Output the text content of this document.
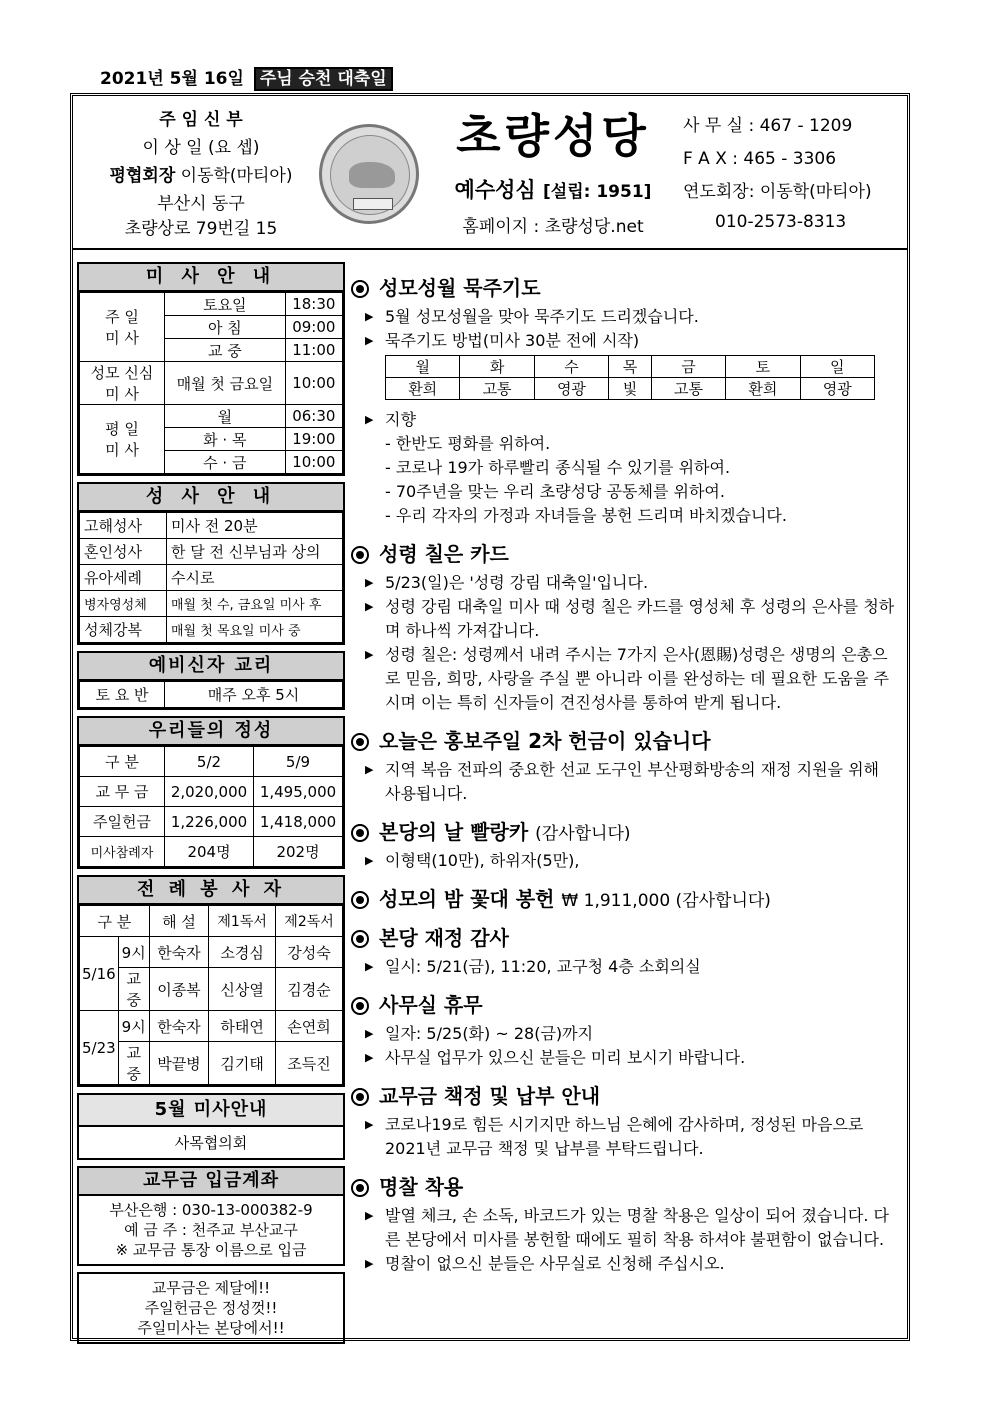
2021년 5월 16일 주님 승천 대축일
주 임 신 부
이 상 일 (요 셉)
평협회장 이동학(마티아)
부산시 동구
초량상로 79번길 15
초량성당
예수성심 [설립: 1951]
홈페이지 : 초량성당.net
사 무 실 : 467 - 1209
F A X : 465 - 3306
연도회장: 이동학(마티아)
010-2573-8313
미 사 안 내
주 일
미 사	토요일	18:30
	아 침	09:00
	교 중	11:00
성모 신심
미 사	매월 첫 금요일	10:00
평 일
미 사	월	06:30
	화 · 목	19:00
	수 · 금	10:00
성 사 안 내
고해성사	미사 전 20분
혼인성사	한 달 전 신부님과 상의
유아세례	수시로
병자영성체	매월 첫 수, 금요일 미사 후
성체강복	매월 첫 목요일 미사 중
예비신자 교리
토 요 반	매주 오후 5시
우리들의 정성
구 분	5/2	5/9
교 무 금	2,020,000	1,495,000
주일헌금	1,226,000	1,418,000
미사참례자	204명	202명
전 례 봉 사 자
구 분		해 설	제1독서	제2독서
5/16	9시	한숙자	소경심	강성숙
	교중	이종복	신상열	김경순
5/23	9시	한숙자	하태연	손연희
	교중	박끝병	김기태	조득진
5월 미사안내
사목협의회
교무금 입금계좌
부산은행 : 030-13-000382-9
예 금 주 : 천주교 부산교구
※ 교무금 통장 이름으로 입금
교무금은 제달에!!
주일헌금은 정성껏!!
주일미사는 본당에서!!
성모성월 묵주기도
▶ 5월 성모성월을 맞아 묵주기도 드리겠습니다.
▶ 묵주기도 방법(미사 30분 전에 시작)
월	화	수	목	금	토	일
환희	고통	영광	빛	고통	환희	영광
▶ 지향
- 한반도 평화를 위하여.
- 코로나 19가 하루빨리 종식될 수 있기를 위하여.
- 70주년을 맞는 우리 초량성당 공동체를 위하여.
- 우리 각자의 가정과 자녀들을 봉헌 드리며 바치겠습니다.
성령 칠은 카드
▶ 5/23(일)은 '성령 강림 대축일'입니다.
▶ 성령 강림 대축일 미사 때 성령 칠은 카드를 영성체 후 성령의 은사를 청하며 하나씩 가져갑니다.
▶ 성령 칠은: 성령께서 내려 주시는 7가지 은사(恩賜)성령은 생명의 은총으로 믿음, 희망, 사랑을 주실 뿐 아니라 이를 완성하는 데 필요한 도움을 주시며 이는 특히 신자들이 견진성사를 통하여 받게 됩니다.
오늘은 홍보주일 2차 헌금이 있습니다
▶ 지역 복음 전파의 중요한 선교 도구인 부산평화방송의 재정 지원을 위해 사용됩니다.
본당의 날 빨랑카 (감사합니다)
▶ 이형택(10만), 하위자(5만),
성모의 밤 꽃대 봉헌 ₩ 1,911,000 (감사합니다)
본당 재정 감사
▶ 일시: 5/21(금), 11:20, 교구청 4층 소회의실
사무실 휴무
▶ 일자: 5/25(화) ~ 28(금)까지
▶ 사무실 업무가 있으신 분들은 미리 보시기 바랍니다.
교무금 책정 및 납부 안내
▶ 코로나19로 힘든 시기지만 하느님 은혜에 감사하며, 정성된 마음으로 2021년 교무금 책정 및 납부를 부탁드립니다.
명찰 착용
▶ 발열 체크, 손 소독, 바코드가 있는 명찰 착용은 일상이 되어 졌습니다. 다른 본당에서 미사를 봉헌할 때에도 필히 착용 하셔야 불편함이 없습니다.
▶ 명찰이 없으신 분들은 사무실로 신청해 주십시오.
